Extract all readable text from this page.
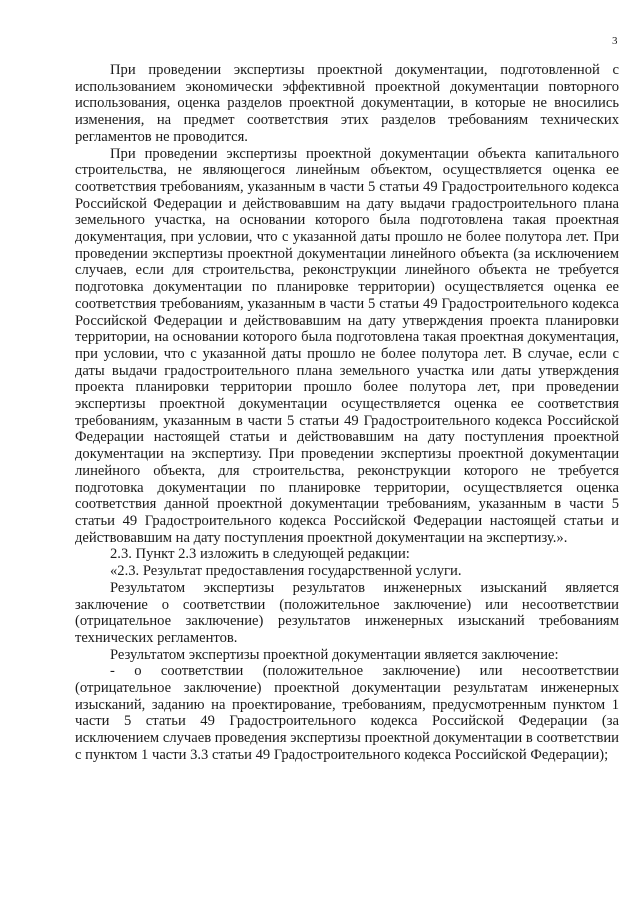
3

При проведении экспертизы проектной документации, подготовленной с использованием экономически эффективной проектной документации повторного использования, оценка разделов проектной документации, в которые не вносились изменения, на предмет соответствия этих разделов требованиям технических регламентов не проводится.

При проведении экспертизы проектной документации объекта капитального строительства, не являющегося линейным объектом, осуществляется оценка ее соответствия требованиям, указанным в части 5 статьи 49 Градостроительного кодекса Российской Федерации и действовавшим на дату выдачи градостроительного плана земельного участка, на основании которого была подготовлена такая проектная документация, при условии, что с указанной даты прошло не более полутора лет. При проведении экспертизы проектной документации линейного объекта (за исключением случаев, если для строительства, реконструкции линейного объекта не требуется подготовка документации по планировке территории) осуществляется оценка ее соответствия требованиям, указанным в части 5 статьи 49 Градостроительного кодекса Российской Федерации и действовавшим на дату утверждения проекта планировки территории, на основании которого была подготовлена такая проектная документация, при условии, что с указанной даты прошло не более полутора лет. В случае, если с даты выдачи градостроительного плана земельного участка или даты утверждения проекта планировки территории прошло более полутора лет, при проведении экспертизы проектной документации осуществляется оценка ее соответствия требованиям, указанным в части 5 статьи 49 Градостроительного кодекса Российской Федерации настоящей статьи и действовавшим на дату поступления проектной документации на экспертизу. При проведении экспертизы проектной документации линейного объекта, для строительства, реконструкции которого не требуется подготовка документации по планировке территории, осуществляется оценка соответствия данной проектной документации требованиям, указанным в части 5 статьи 49 Градостроительного кодекса Российской Федерации настоящей статьи и действовавшим на дату поступления проектной документации на экспертизу.».

2.3. Пункт 2.3 изложить в следующей редакции:

«2.3. Результат предоставления государственной услуги.

Результатом экспертизы результатов инженерных изысканий является заключение о соответствии (положительное заключение) или несоответствии (отрицательное заключение) результатов инженерных изысканий требованиям технических регламентов.

Результатом экспертизы проектной документации является заключение:

- о соответствии (положительное заключение) или несоответствии (отрицательное заключение) проектной документации результатам инженерных изысканий, заданию на проектирование, требованиям, предусмотренным пунктом 1 части 5 статьи 49 Градостроительного кодекса Российской Федерации (за исключением случаев проведения экспертизы проектной документации в соответствии с пунктом 1 части 3.3 статьи 49 Градостроительного кодекса Российской Федерации);
